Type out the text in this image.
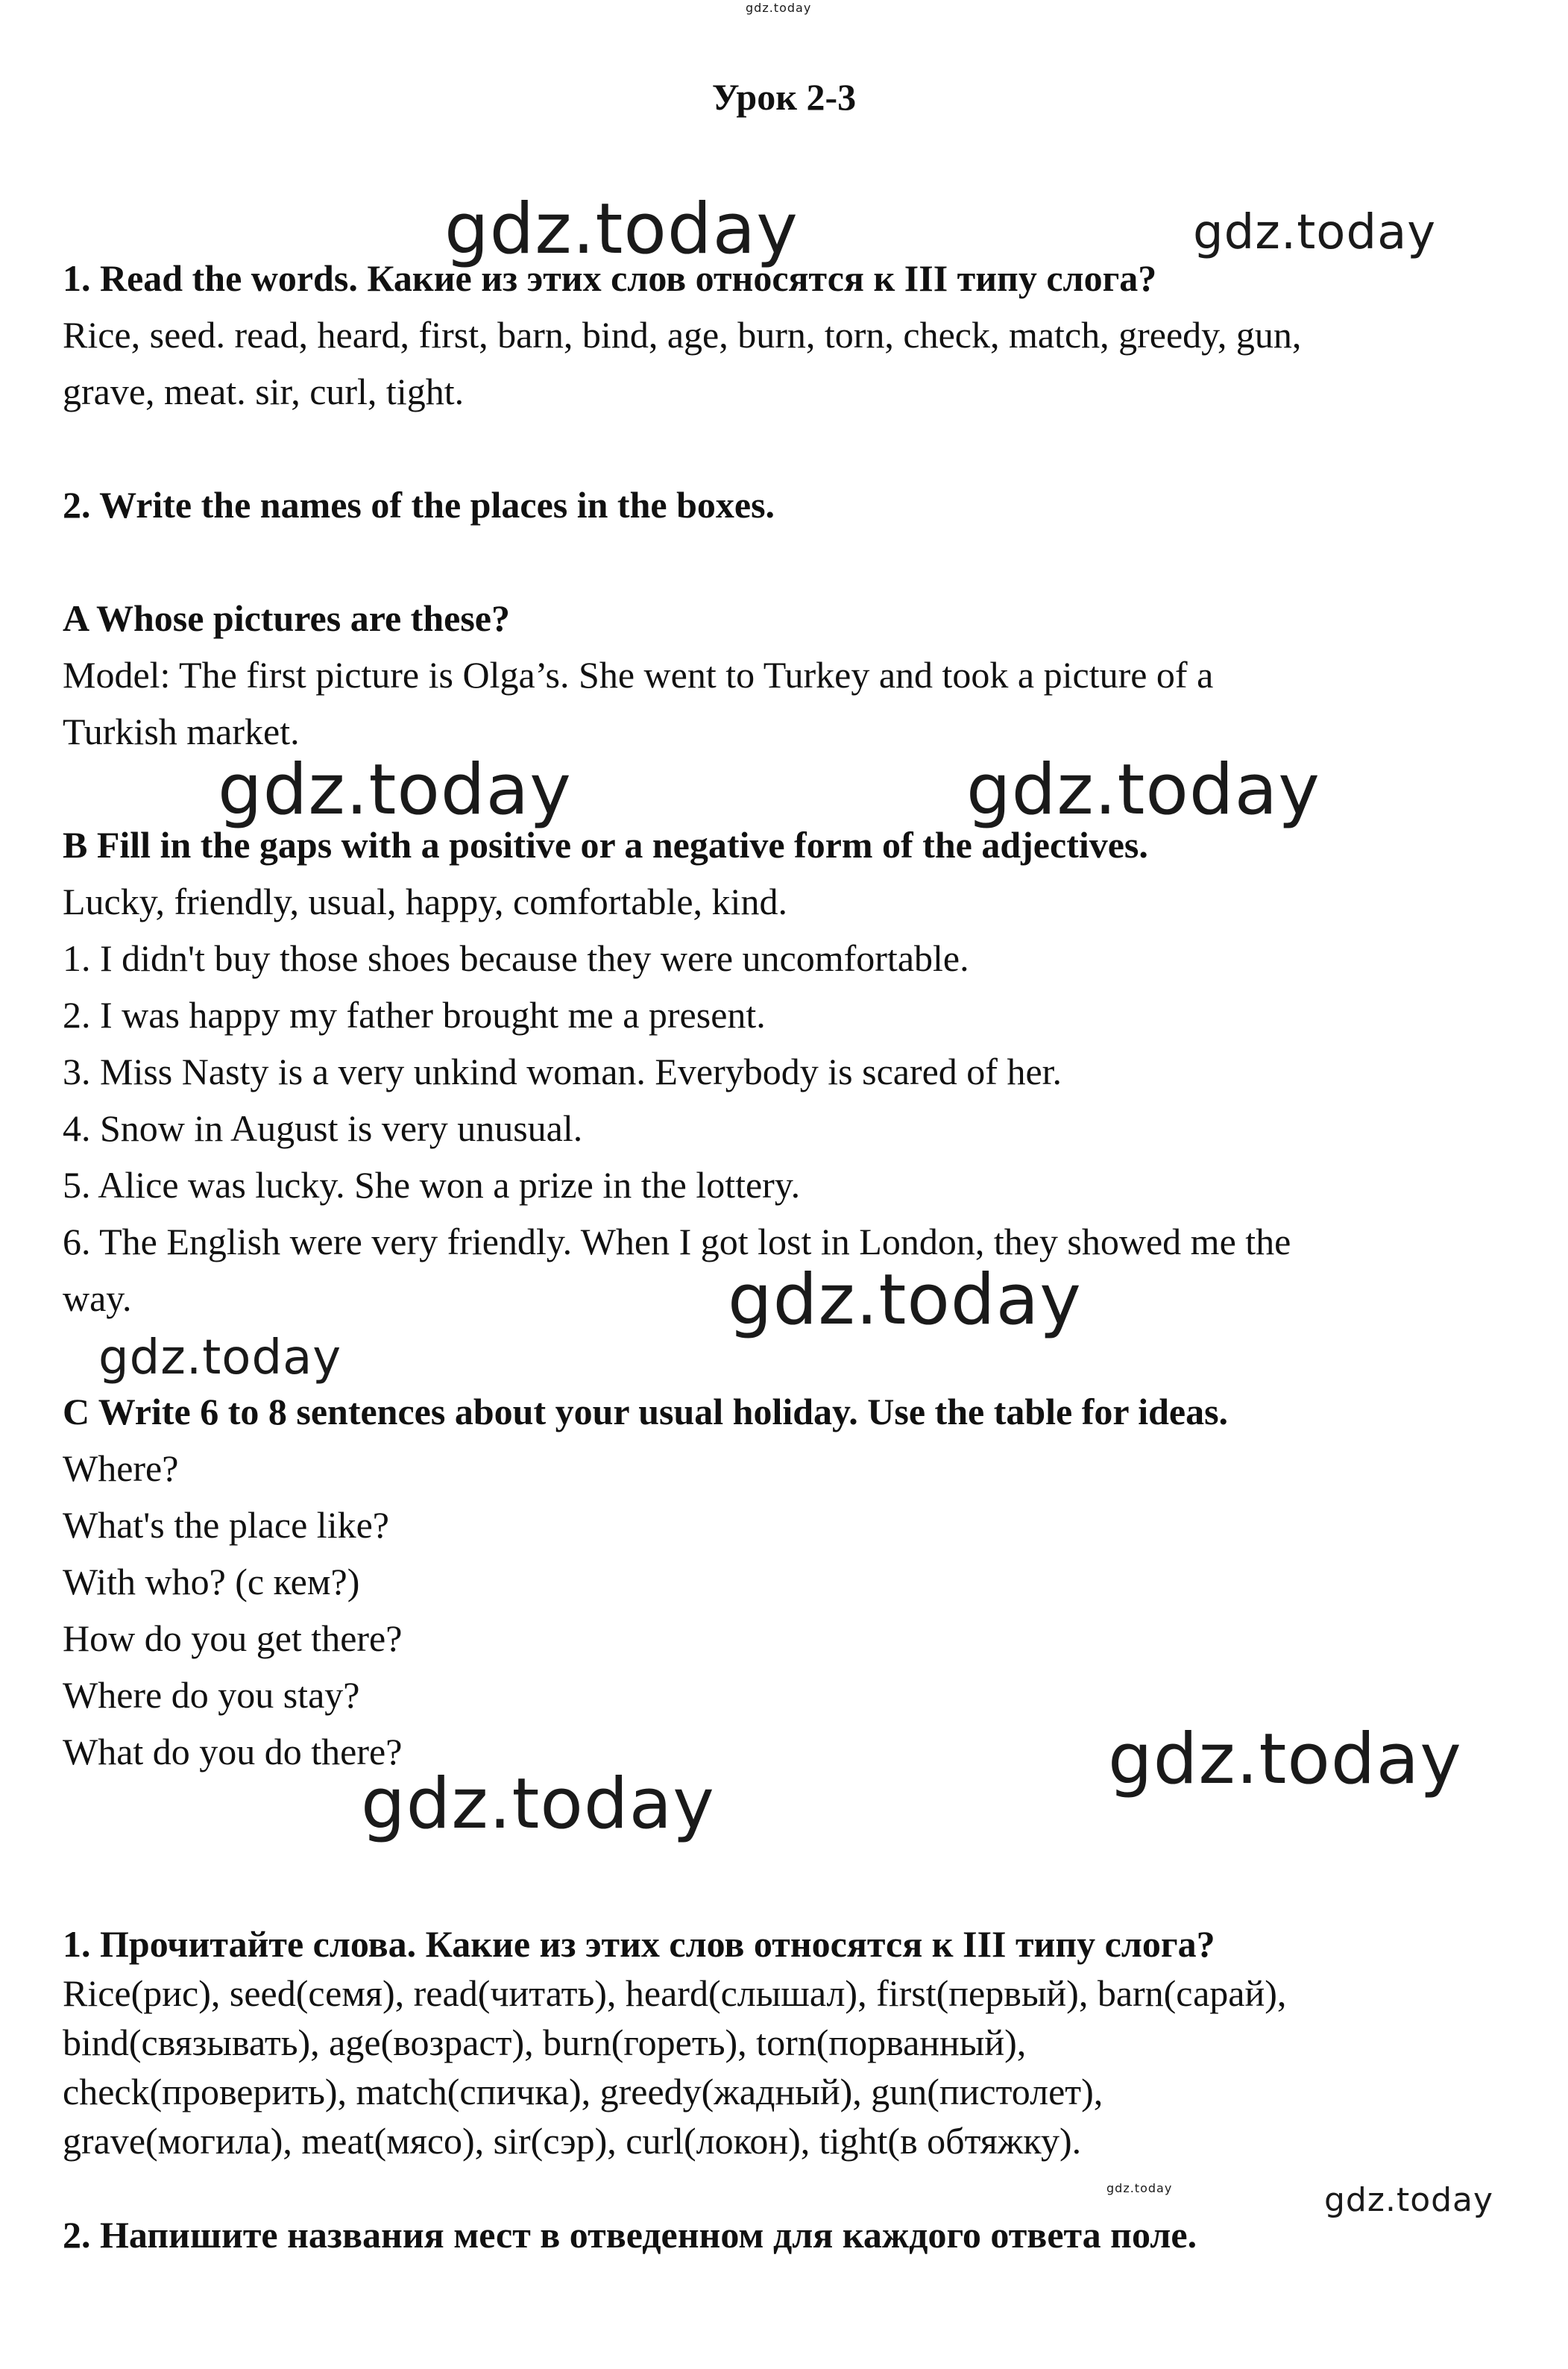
gdz.today
Урок 2-3
gdz.today	gdz.today
1. Read the words. Какие из этих слов относятся к III типу слога?
Rice, seed. read, heard, first, barn, bind, age, burn, torn, check, match, greedy, gun,
grave, meat. sir, curl, tight.
2. Write the names of the places in the boxes.
A Whose pictures are these?
Model: The first picture is Olga’s. She went to Turkey and took a picture of a
Turkish market.
gdz.today	gdz.today
B Fill in the gaps with a positive or a negative form of the adjectives.
Lucky, friendly, usual, happy, comfortable, kind.
1. I didn't buy those shoes because they were uncomfortable.
2. I was happy my father brought me a present.
3. Miss Nasty is a very unkind woman. Everybody is scared of her.
4. Snow in August is very unusual.
5. Alice was lucky. She won a prize in the lottery.
6. The English were very friendly. When I got lost in London, they showed me the
way.	gdz.today
gdz.today
C Write 6 to 8 sentences about your usual holiday. Use the table for ideas.
Where?
What's the place like?
With who? (с кем?)
How do you get there?
Where do you stay?
What do you do there?	gdz.today
gdz.today
1. Прочитайте слова. Какие из этих слов относятся к III типу слога?
Rice(рис), seed(семя), read(читать), heard(слышал), first(первый), barn(сарай),
bind(связывать), age(возраст), burn(гореть), torn(порванный),
check(проверить), match(спичка), greedy(жадный), gun(пистолет),
grave(могила), meat(мясо), sir(сэр), curl(локон), tight(в обтяжку).
gdz.today	gdz.today
2. Напишите названия мест в отведенном для каждого ответа поле.
